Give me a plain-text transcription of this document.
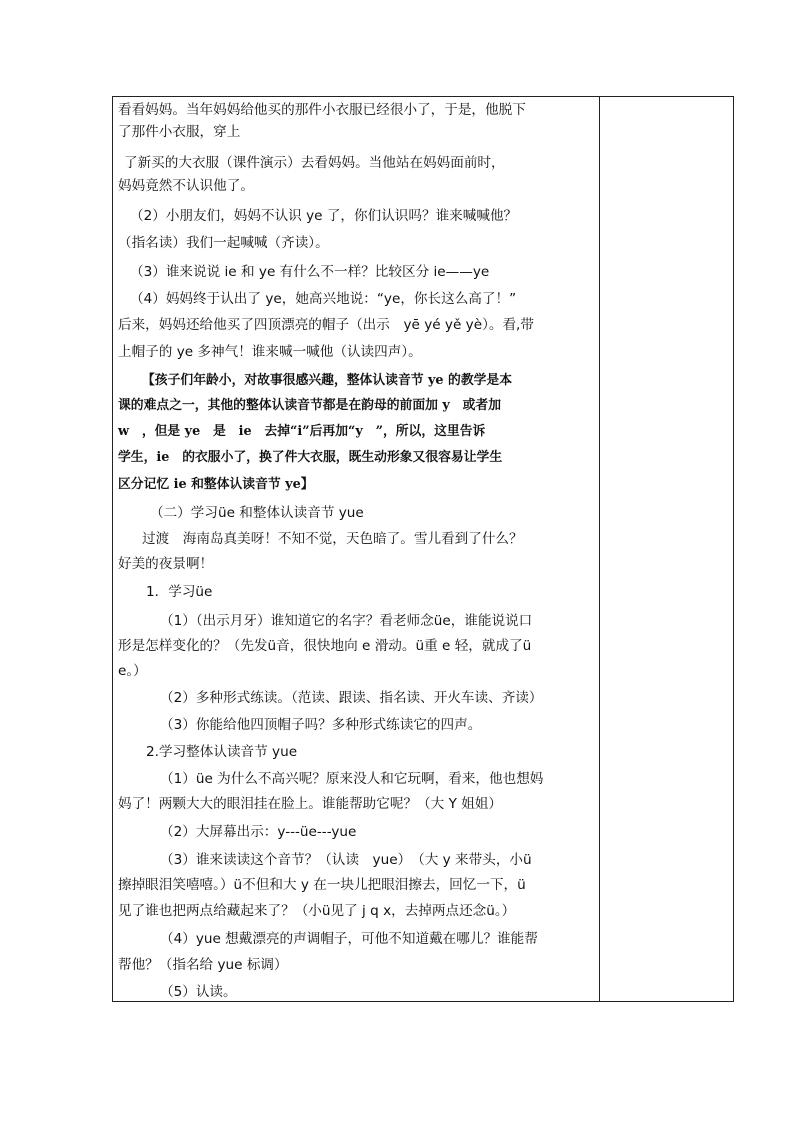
看看妈妈。当年妈妈给他买的那件小衣服已经很小了，于是，他脱下
了那件小衣服，穿上
了新买的大衣服（课件演示）去看妈妈。当他站在妈妈面前时，
妈妈竟然不认识他了。
（2）小朋友们，妈妈不认识 ye 了，你们认识吗？谁来喊喊他？
（指名读）我们一起喊喊（齐读）。
（3）谁来说说 ie 和 ye 有什么不一样？比较区分 ie——ye
（4）妈妈终于认出了 ye，她高兴地说：“ye，你长这么高了！”
后来，妈妈还给他买了四顶漂亮的帽子（出示　yē yé yě yè）。看,带
上帽子的 ye 多神气！谁来喊一喊他（认读四声）。
【孩子们年龄小，对故事很感兴趣，整体认读音节 ye 的教学是本
课的难点之一，其他的整体认读音节都是在韵母的前面加 y　或者加
w　，但是 ye　是　ie　去掉“i”后再加“y　”，所以，这里告诉
学生，ie　的衣服小了，换了件大衣服，既生动形象又很容易让学生
区分记忆 ie 和整体认读音节 ye】
（二）学习üe 和整体认读音节 yue
过渡　海南岛真美呀！不知不觉，天色暗了。雪儿看到了什么？
好美的夜景啊！
1．学习üe
（1）（出示月牙）谁知道它的名字？看老师念üe，谁能说说口
形是怎样变化的？（先发ü音，很快地向 e 滑动。ü重 e 轻，就成了ü
e。）
（2）多种形式练读。（范读、跟读、指名读、开火车读、齐读）
（3）你能给他四顶帽子吗？多种形式练读它的四声。
2.学习整体认读音节 yue
（1）üe 为什么不高兴呢？原来没人和它玩啊，看来，他也想妈
妈了！两颗大大的眼泪挂在脸上。谁能帮助它呢？（大 Y 姐姐）
（2）大屏幕出示：y---üe---yue
（3）谁来读读这个音节？（认读　yue）　（大 y 来带头，小ü
擦掉眼泪笑嘻嘻。）ü不但和大 y 在一块儿把眼泪擦去，回忆一下，ü
见了谁也把两点给藏起来了？（小ü见了 j q x，去掉两点还念ü。）
（4）yue 想戴漂亮的声调帽子，可他不知道戴在哪儿？谁能帮
帮他？（指名给 yue 标调）
（5）认读。
